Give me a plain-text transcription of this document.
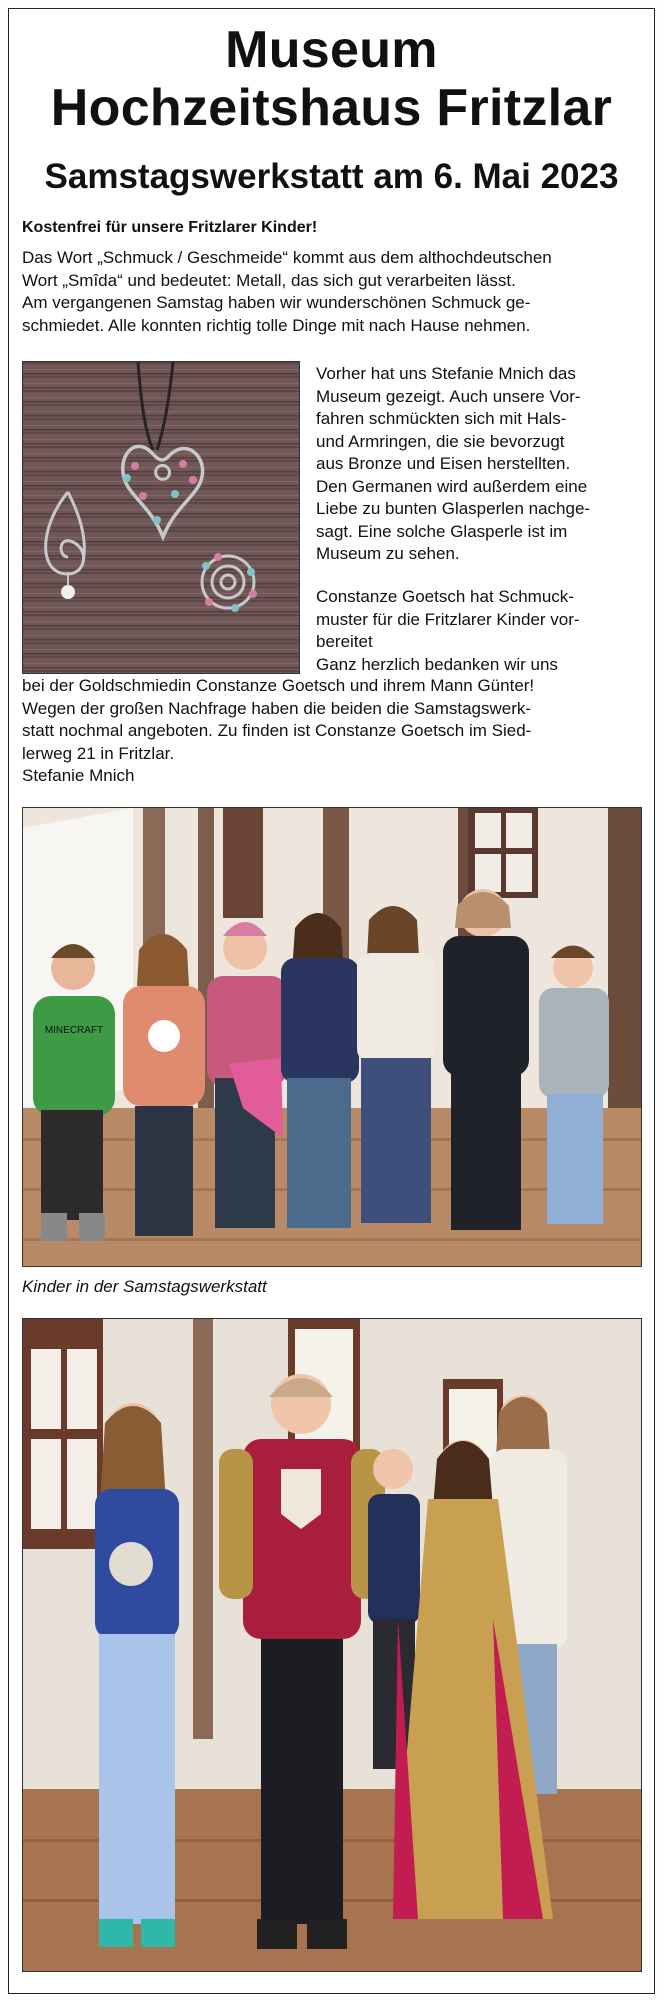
Museum
Hochzeitshaus Fritzlar
Samstagswerkstatt am 6. Mai 2023
Kostenfrei für unsere Fritzlarer Kinder!
Das Wort „Schmuck / Geschmeide“ kommt aus dem althochdeutschen
Wort „Smîda“ und bedeutet: Metall, das sich gut verarbeiten lässt.
Am vergangenen Samstag haben wir wunderschönen Schmuck ge-
schmiedet. Alle konnten richtig tolle Dinge mit nach Hause nehmen.
Vorher hat uns Stefanie Mnich das
Museum gezeigt. Auch unsere Vor-
fahren schmückten sich mit Hals-
und Armringen, die sie bevorzugt
aus Bronze und Eisen herstellten.
Den Germanen wird außerdem eine
Liebe zu bunten Glasperlen nachge-
sagt. Eine solche Glasperle ist im
Museum zu sehen.
Constanze Goetsch hat Schmuck-
muster für die Fritzlarer Kinder vor-
bereitet
Ganz herzlich bedanken wir uns
bei der Goldschmiedin Constanze Goetsch und ihrem Mann Günter!
Wegen der großen Nachfrage haben die beiden die Samstagswerk-
statt nochmal angeboten. Zu finden ist Constanze Goetsch im Sied-
lerweg 21 in Fritzlar.
Stefanie Mnich
MINECRAFT
Kinder in der Samstagswerkstatt
